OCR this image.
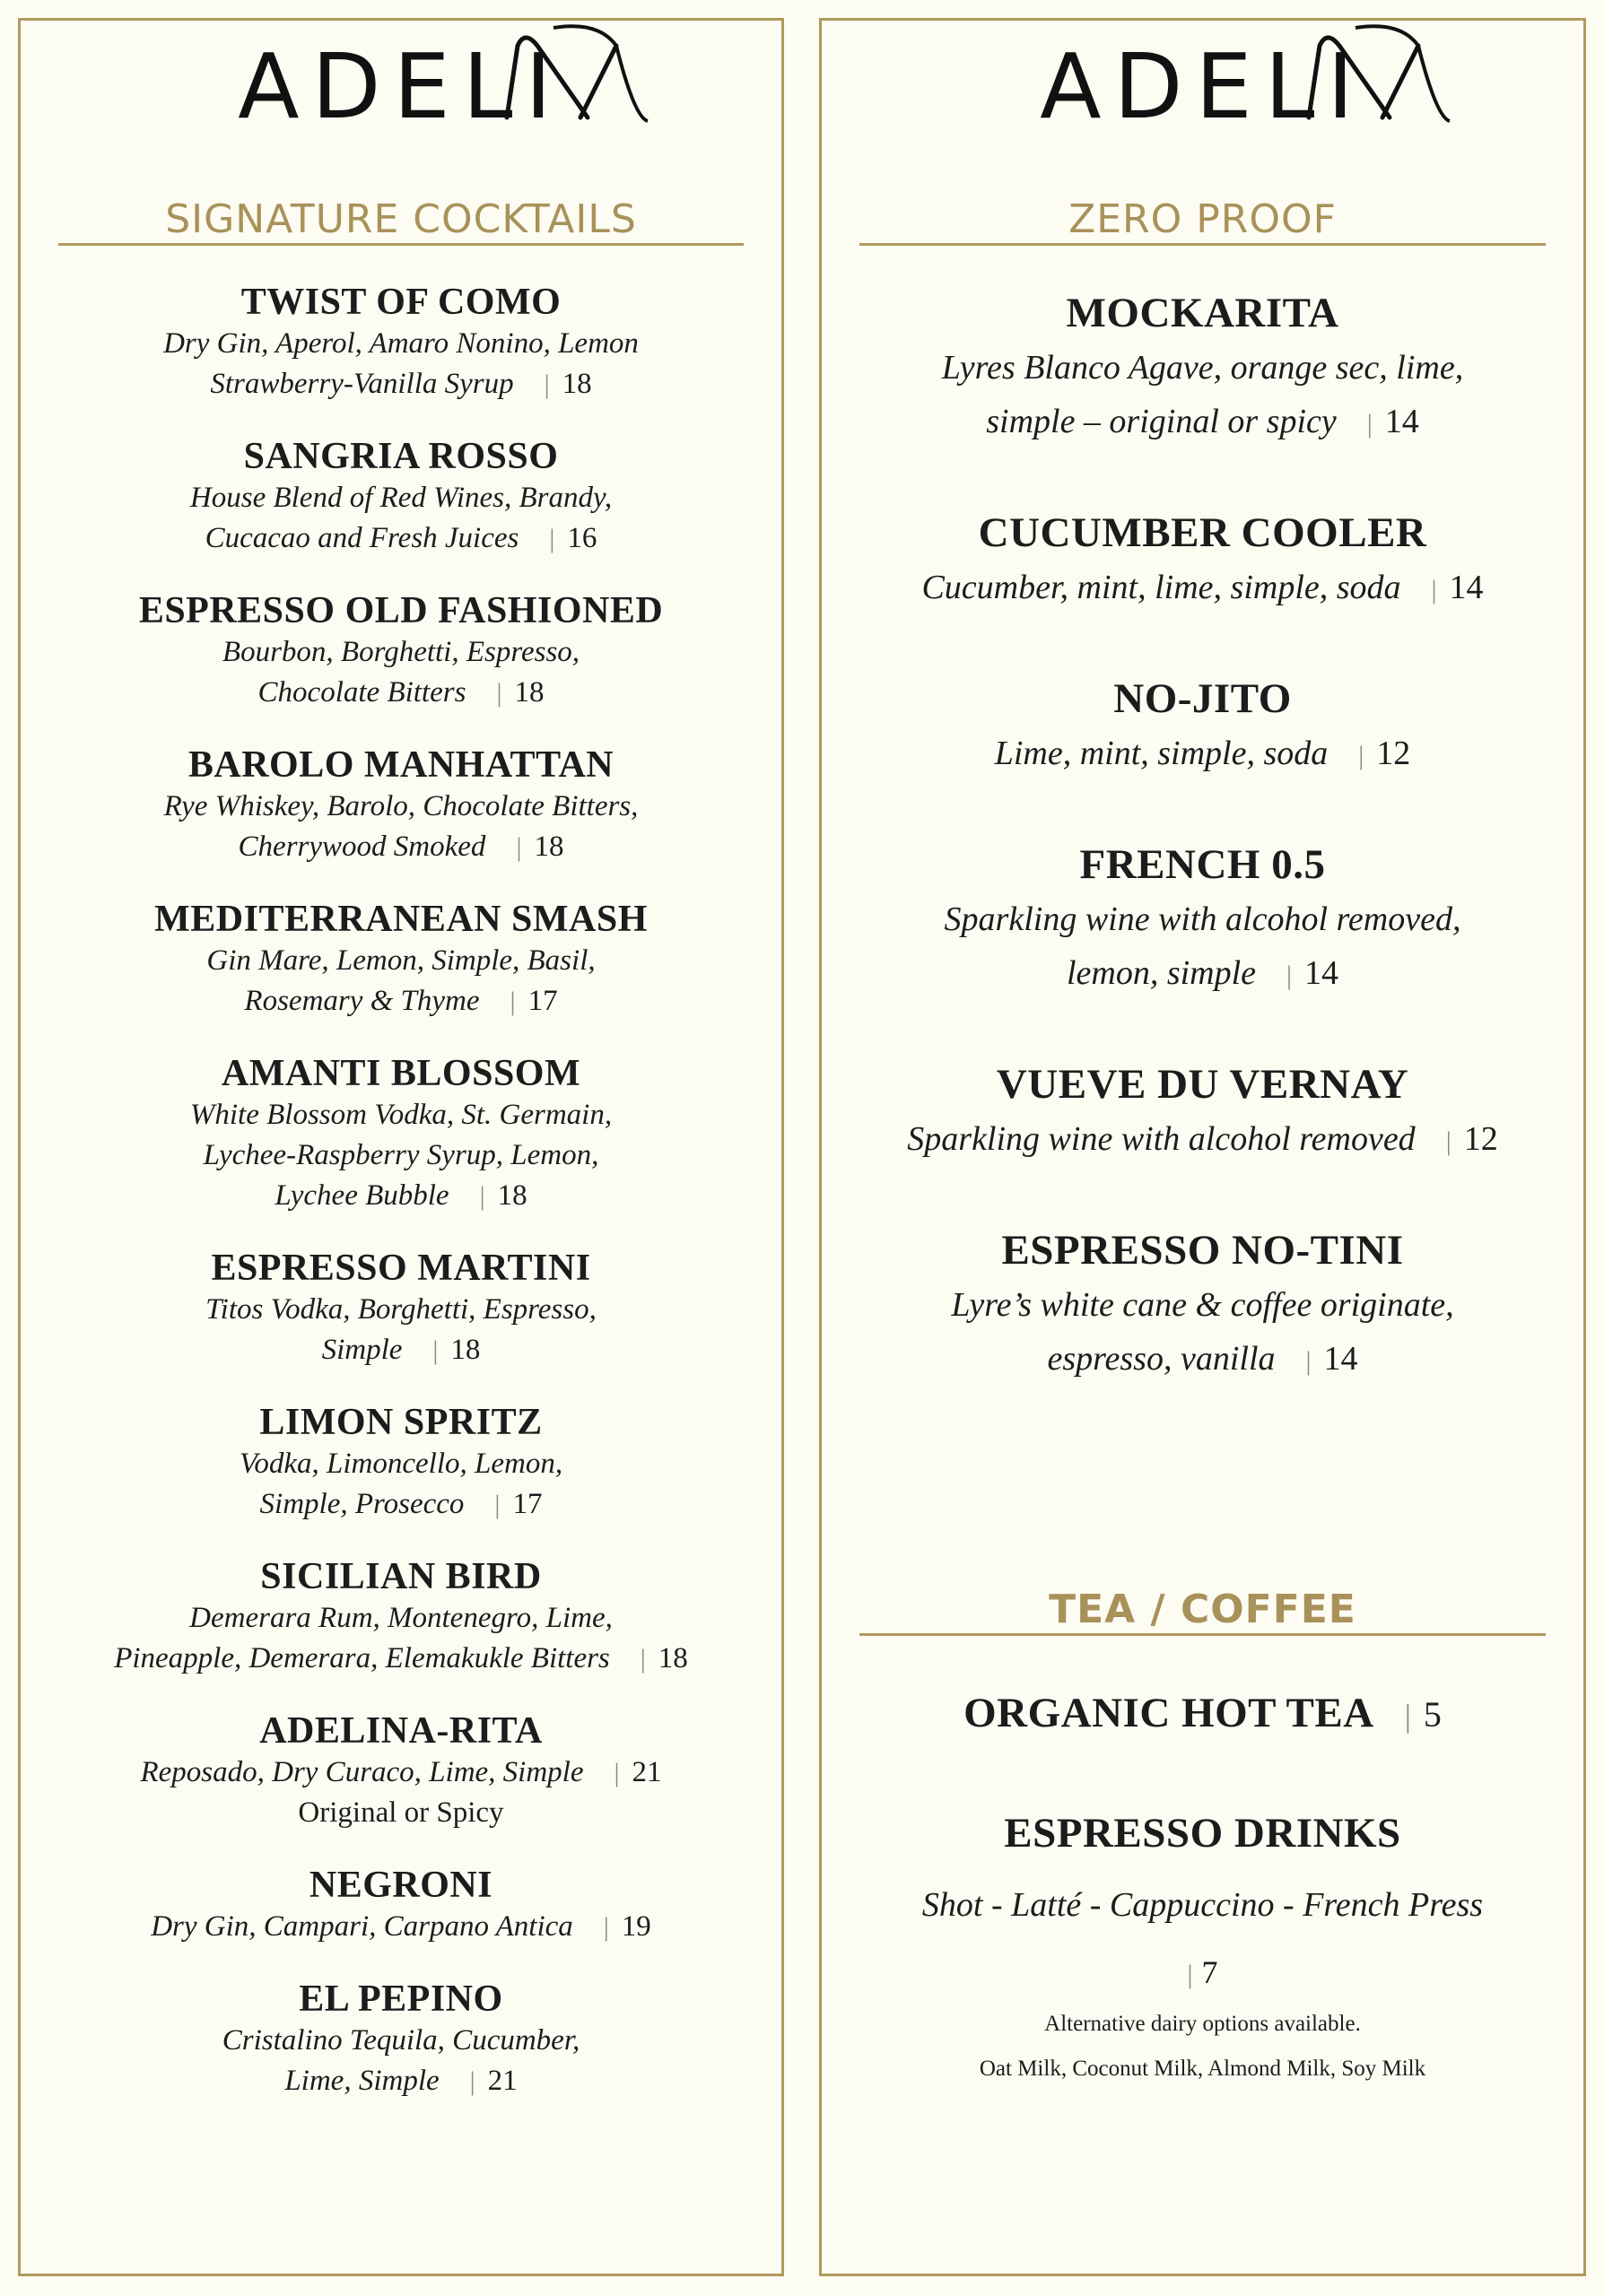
ADELI
SIGNATURE COCKTAILS
TWIST OF COMO
Dry Gin, Aperol, Amaro Nonino, Lemon
Strawberry-Vanilla Syrup | 18
SANGRIA ROSSO
House Blend of Red Wines, Brandy,
Cucacao and Fresh Juices | 16
ESPRESSO OLD FASHIONED
Bourbon, Borghetti, Espresso,
Chocolate Bitters | 18
BAROLO MANHATTAN
Rye Whiskey, Barolo, Chocolate Bitters,
Cherrywood Smoked | 18
MEDITERRANEAN SMASH
Gin Mare, Lemon, Simple, Basil,
Rosemary & Thyme | 17
AMANTI BLOSSOM
White Blossom Vodka, St. Germain,
Lychee-Raspberry Syrup, Lemon,
Lychee Bubble | 18
ESPRESSO MARTINI
Titos Vodka, Borghetti, Espresso,
Simple | 18
LIMON SPRITZ
Vodka, Limoncello, Lemon,
Simple, Prosecco | 17
SICILIAN BIRD
Demerara Rum, Montenegro, Lime,
Pineapple, Demerara, Elemakukle Bitters | 18
ADELINA-RITA
Reposado, Dry Curaco, Lime, Simple | 21
Original or Spicy
NEGRONI
Dry Gin, Campari, Carpano Antica | 19
EL PEPINO
Cristalino Tequila, Cucumber,
Lime, Simple | 21
ADELI
ZERO PROOF
MOCKARITA
Lyres Blanco Agave, orange sec, lime,
simple – original or spicy | 14
CUCUMBER COOLER
Cucumber, mint, lime, simple, soda | 14
NO-JITO
Lime, mint, simple, soda | 12
FRENCH 0.5
Sparkling wine with alcohol removed,
lemon, simple | 14
VUEVE DU VERNAY
Sparkling wine with alcohol removed | 12
ESPRESSO NO-TINI
Lyre’s white cane & coffee originate,
espresso, vanilla | 14
TEA / COFFEE
ORGANIC HOT TEA | 5
ESPRESSO DRINKS
Shot - Latté - Cappuccino - French Press
| 7
Alternative dairy options available.
Oat Milk, Coconut Milk, Almond Milk, Soy Milk
